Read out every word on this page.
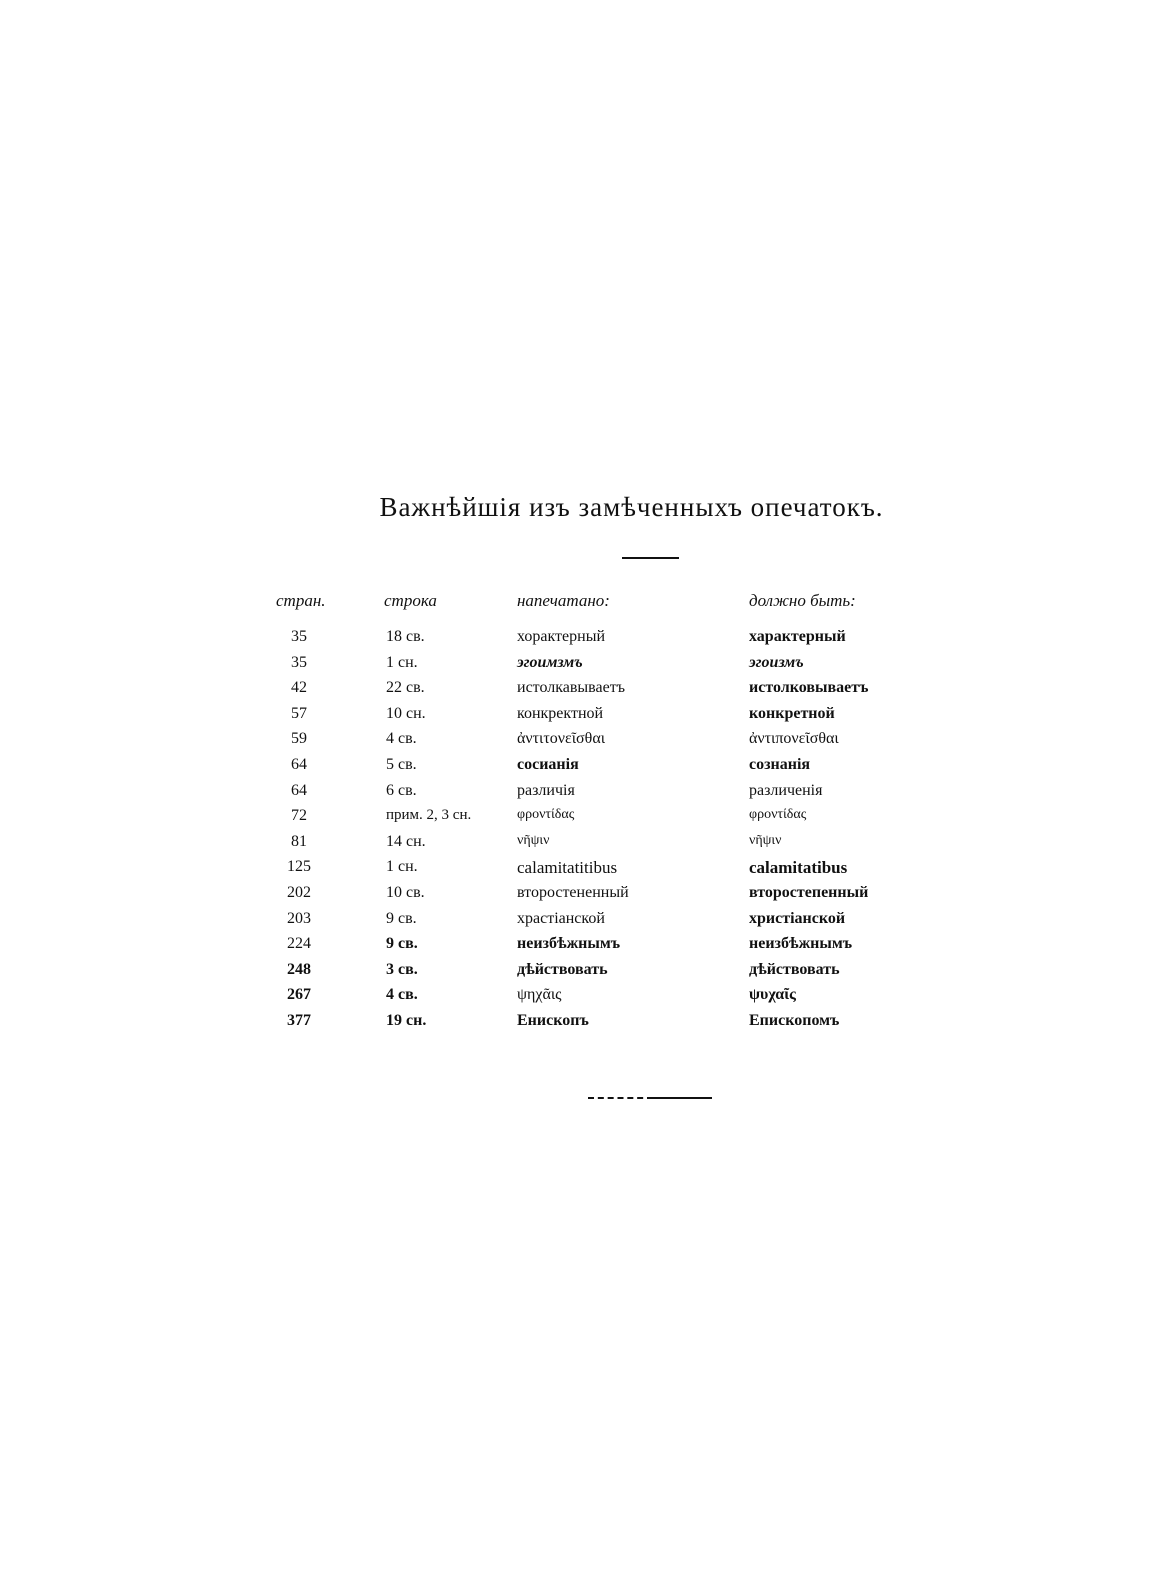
Важнѣйшія изъ замѣченныхъ опечатокъ.
стран.	строка	напечатано:	должно быть:
35	18 св.	хорактерный	характерный
35	1 сн.	эгоимзмъ	эгоизмъ
42	22 св.	истолкавываетъ	истолковываетъ
57	10 сн.	конкректной	конкретной
59	4 св.	ἀντιτονεῖσθαι	ἀντιπονεῖσθαι
64	5 св.	сосианія	сознанія
64	6 св.	различія	различенія
72	прим. 2, 3 сн.	φροντίδας	φροντίδας
81	14 сн.	νῆψιν	νῆψιν
125	1 сн.	calamitatitibus	calamitatibus
202	10 св.	второстененный	второстепенный
203	9 св.	храстіанской	христіанской
224	9 св.	неизбѣжнымъ	неизбѣжнымъ
248	3 св.	дѣйствовать	дѣйствовать
267	4 св.	ψηχᾶις	ψυχαῖς
377	19 сн.	Енископъ	Епископомъ
